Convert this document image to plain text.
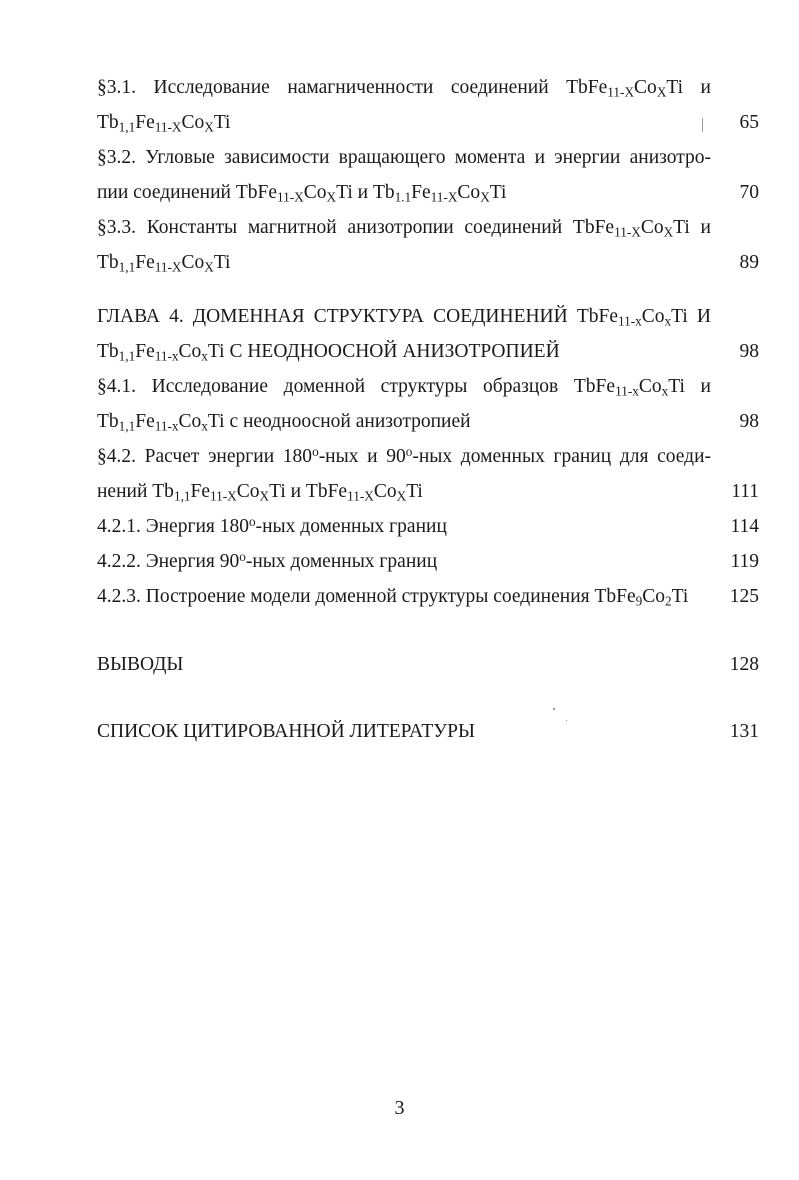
§3.1. Исследование намагниченности соединений $TbFe_{11-X}Co_XTi$ и
$Tb_{1,1}Fe_{11-X}Co_XTi$	65
§3.2. Угловые зависимости вращающего момента и энергии анизотро-
пии соединений $TbFe_{11-X}Co_XTi$ и $Tb_{1.1}Fe_{11-X}Co_XTi$	70
§3.3. Константы магнитной анизотропии соединений $TbFe_{11-X}Co_XTi$ и
$Tb_{1,1}Fe_{11-X}Co_XTi$	89
ГЛАВА 4. ДОМЕННАЯ СТРУКТУРА СОЕДИНЕНИЙ $TbFe_{11-x}Co_xTi$ И
$Tb_{1,1}Fe_{11-x}Co_xTi$ С НЕОДНООСНОЙ АНИЗОТРОПИЕЙ	98
§4.1. Исследование доменной структуры образцов $TbFe_{11-x}Co_xTi$ и
$Tb_{1,1}Fe_{11-x}Co_xTi$ с неодноосной анизотропией	98
§4.2. Расчет энергии 180$^o$-ных и 90$^o$-ных доменных границ для соеди-
нений $Tb_{1,1}Fe_{11-X}Co_XTi$ и $TbFe_{11-X}Co_XTi$	111
4.2.1. Энергия 180$^o$-ных доменных границ	114
4.2.2. Энергия 90$^o$-ных доменных границ	119
4.2.3. Построение модели доменной структуры соединения $TbFe_9Co_2Ti$	125
ВЫВОДЫ	128
СПИСОК ЦИТИРОВАННОЙ ЛИТЕРАТУРЫ	131
3
